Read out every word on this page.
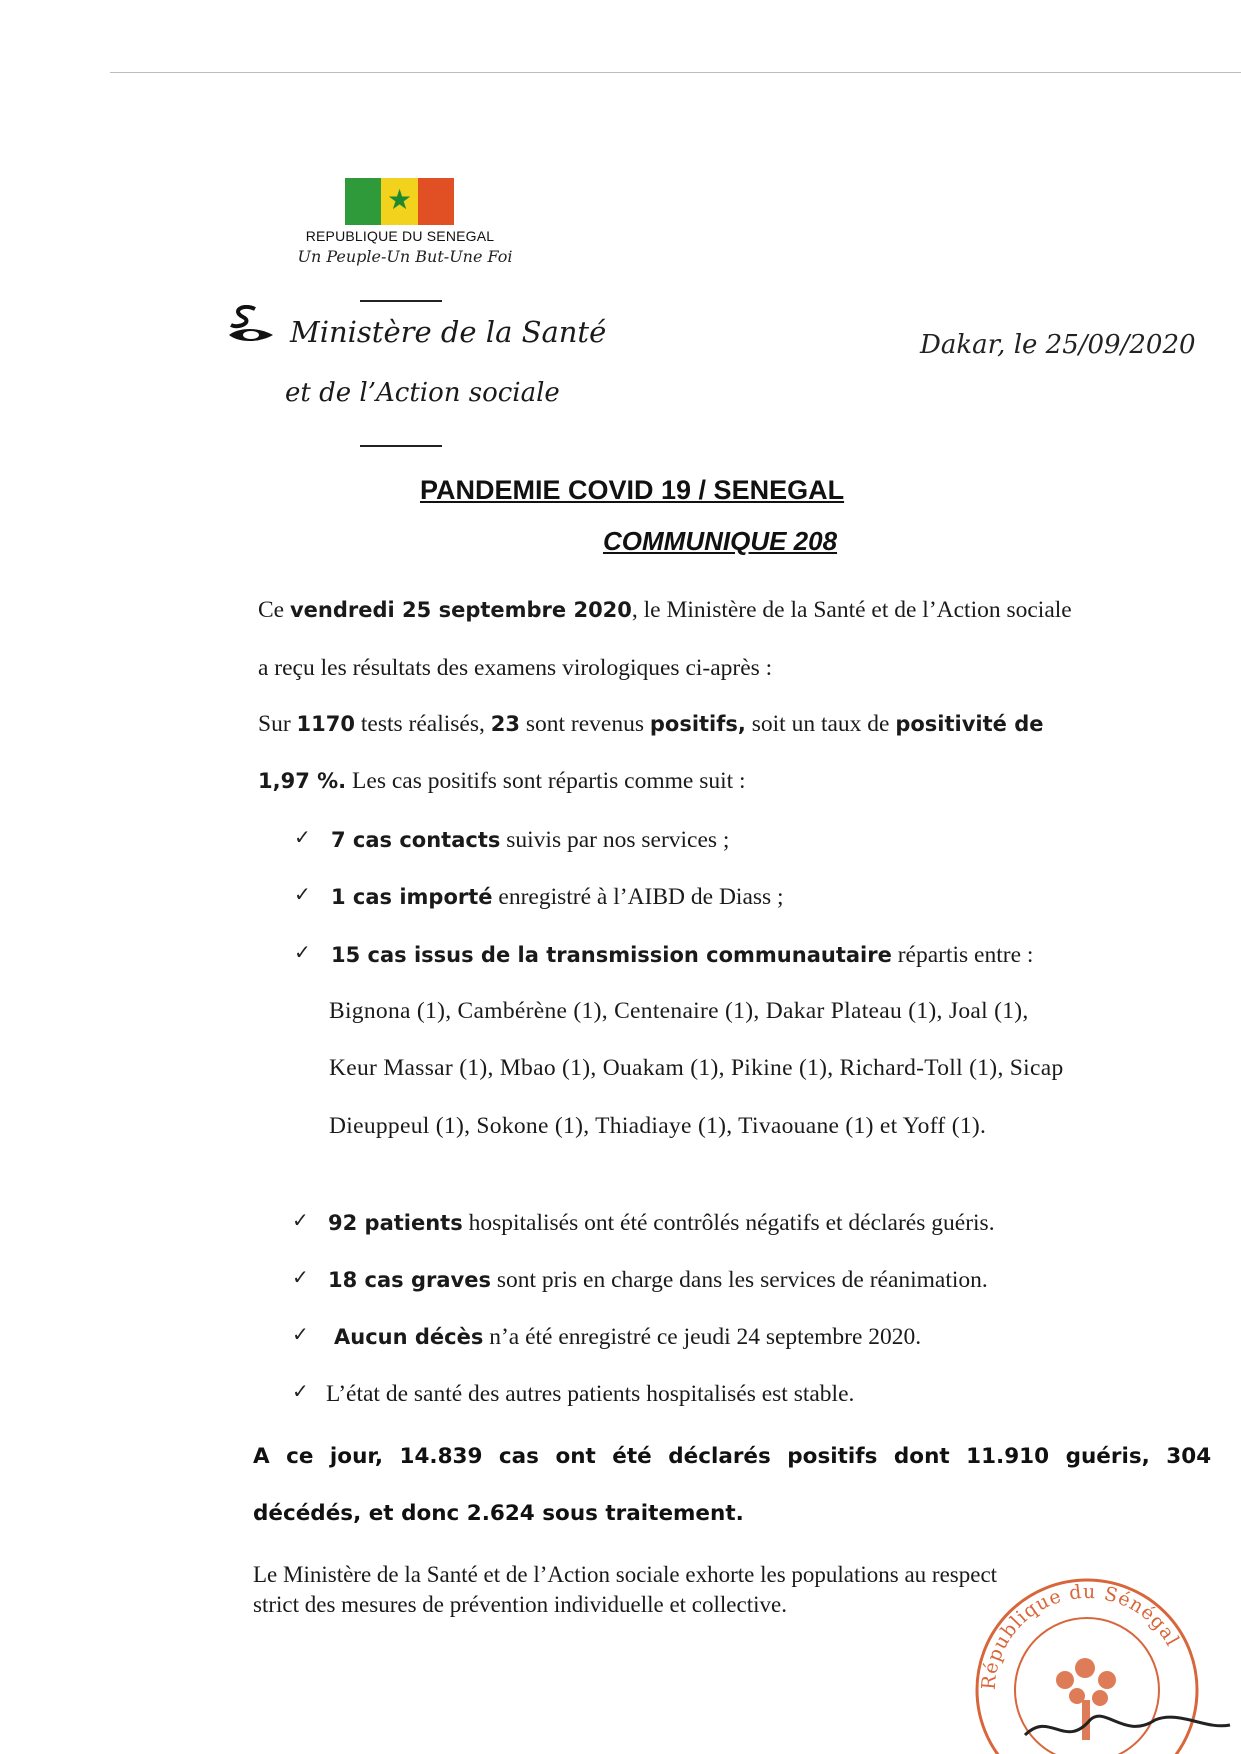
★
REPUBLIQUE DU SENEGAL
Un Peuple-Un But-Une Foi
Ministère de la Santé
et de l’Action sociale
Dakar, le 25/09/2020
PANDEMIE COVID 19 / SENEGAL
COMMUNIQUE 208
Ce vendredi 25 septembre 2020, le Ministère de la Santé et de l’Action sociale
a reçu les résultats des examens virologiques ci-après :
Sur 1170 tests réalisés, 23 sont revenus positifs, soit un taux de positivité de
1,97 %. Les cas positifs sont répartis comme suit :
✓ 7 cas contacts suivis par nos services ;
✓ 1 cas importé enregistré à l’AIBD de Diass ;
✓ 15 cas issus de la transmission communautaire répartis entre :
Bignona (1), Cambérène (1), Centenaire (1), Dakar Plateau (1), Joal (1),
Keur Massar (1), Mbao (1), Ouakam (1), Pikine (1), Richard-Toll (1), Sicap
Dieuppeul (1), Sokone (1), Thiadiaye (1), Tivaouane (1) et Yoff (1).
✓ 92 patients hospitalisés ont été contrôlés négatifs et déclarés guéris.
✓ 18 cas graves sont pris en charge dans les services de réanimation.
✓ Aucun décès n’a été enregistré ce jeudi 24 septembre 2020.
✓ L’état de santé des autres patients hospitalisés est stable.
A ce jour, 14.839 cas ont été déclarés positifs dont 11.910 guéris, 304
décédés, et donc 2.624 sous traitement.
Le Ministère de la Santé et de l’Action sociale exhorte les populations au respect
strict des mesures de prévention individuelle et collective.
République du Sénégal
